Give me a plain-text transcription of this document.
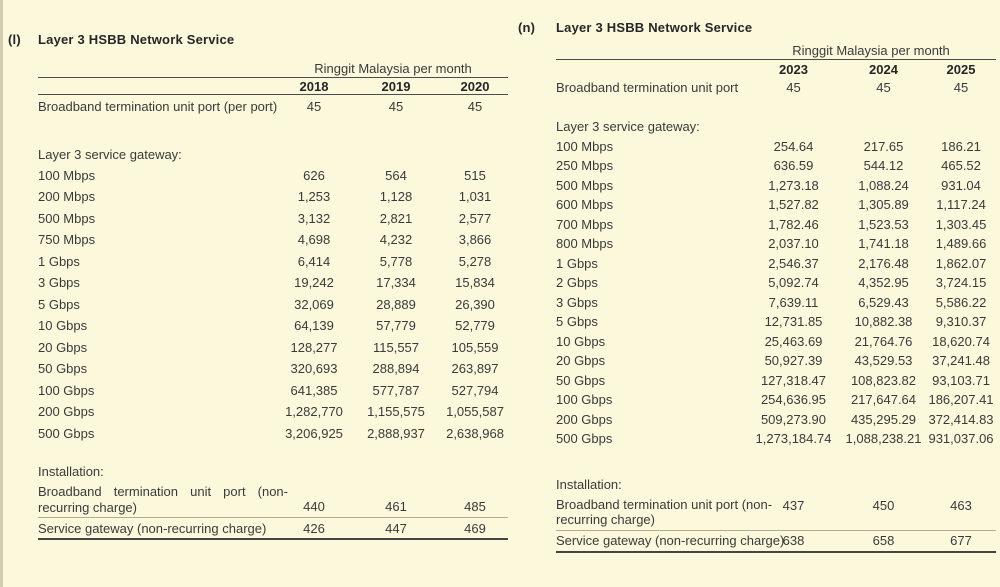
(l)	Layer 3 HSBB Network Service
	Ringgit Malaysia per month		
	2018	2019	2020
Broadband termination unit port (per port)	45	45	45

Layer 3 service gateway:			
100 Mbps	626	564	515
200 Mbps	1,253	1,128	1,031
500 Mbps	3,132	2,821	2,577
750 Mbps	4,698	4,232	3,866
1 Gbps	6,414	5,778	5,278
3 Gbps	19,242	17,334	15,834
5 Gbps	32,069	28,889	26,390
10 Gbps	64,139	57,779	52,779
20 Gbps	128,277	115,557	105,559
50 Gbps	320,693	288,894	263,897
100 Gbps	641,385	577,787	527,794
200 Gbps	1,282,770	1,155,575	1,055,587
500 Gbps	3,206,925	2,888,937	2,638,968

Installation:			

Broadband termination unit port (non-recurring charge)	440	461	485
Service gateway (non-recurring charge)	426	447	469
(n)	Layer 3 HSBB Network Service
	Ringgit Malaysia per month		
	2023	2024	2025
Broadband termination unit port	45	45	45

Layer 3 service gateway:			
100 Mbps	254.64	217.65	186.21
250 Mbps	636.59	544.12	465.52
500 Mbps	1,273.18	1,088.24	931.04
600 Mbps	1,527.82	1,305.89	1,117.24
700 Mbps	1,782.46	1,523.53	1,303.45
800 Mbps	2,037.10	1,741.18	1,489.66
1 Gbps	2,546.37	2,176.48	1,862.07
2 Gbps	5,092.74	4,352.95	3,724.15
3 Gbps	7,639.11	6,529.43	5,586.22
5 Gbps	12,731.85	10,882.38	9,310.37
10 Gbps	25,463.69	21,764.76	18,620.74
20 Gbps	50,927.39	43,529.53	37,241.48
50 Gbps	127,318.47	108,823.82	93,103.71
100 Gbps	254,636.95	217,647.64	186,207.41
200 Gbps	509,273.90	435,295.29	372,414.83
500 Gbps	1,273,184.74	1,088,238.21	931,037.06

Installation:			

Broadband termination unit port (non-recurring charge)	437	450	463

Service gateway (non-recurring charge)	638	658	677
